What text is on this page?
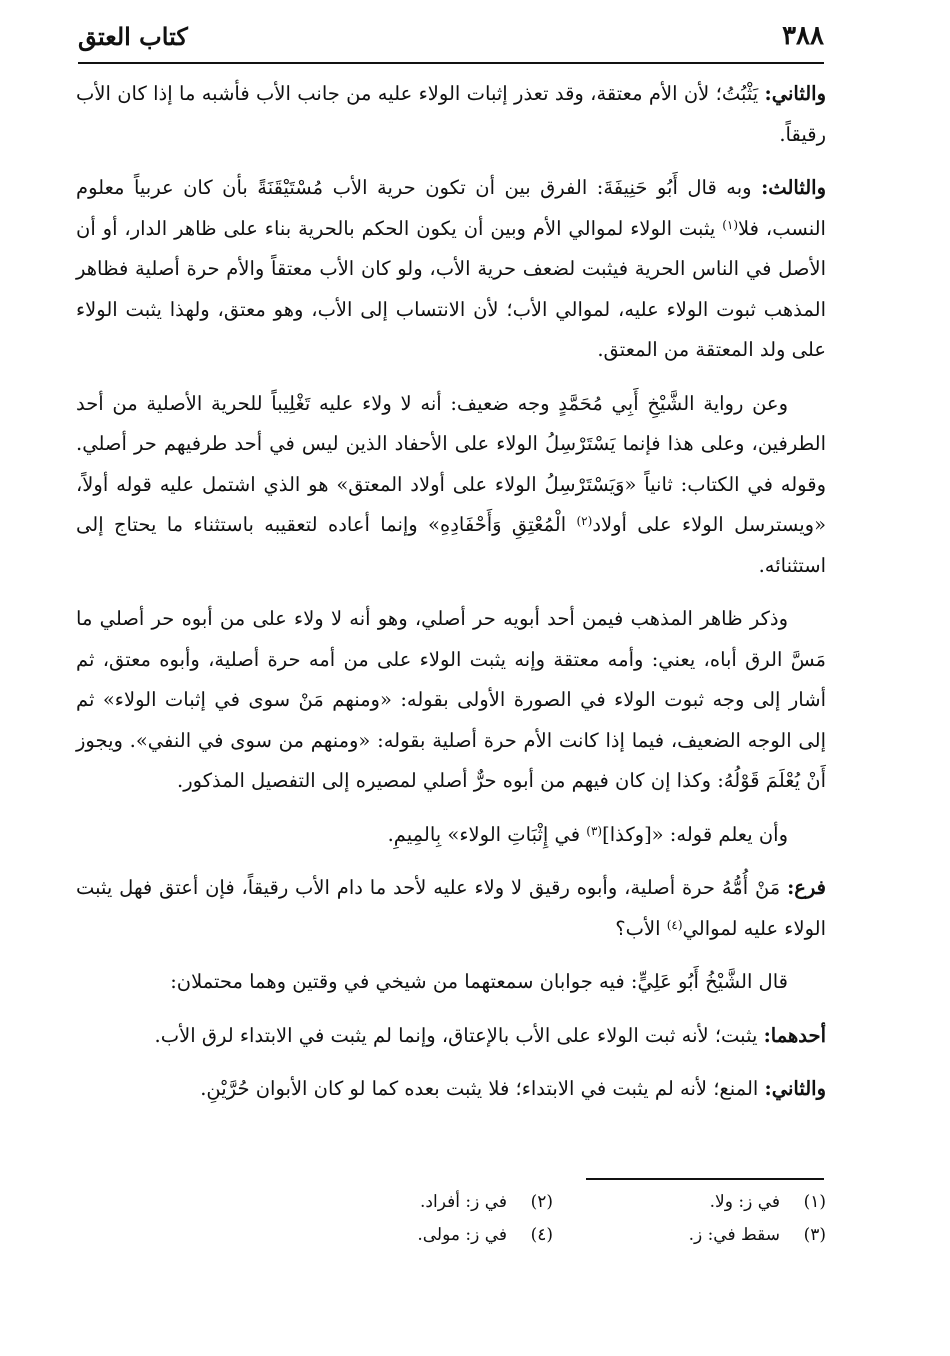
٣٨٨
كتاب العتق

والثاني: يَثْبُتُ؛ لأن الأم معتقة، وقد تعذر إثبات الولاء عليه من جانب الأب فأشبه ما إذا كان الأب رقيقاً.

والثالث: وبه قال أَبُو حَنِيفَةَ: الفرق بين أن تكون حرية الأب مُسْتَيْقَنَةً بأن كان عربياً معلوم النسب، فلا$^{(١)}$ يثبت الولاء لموالي الأم وبين أن يكون الحكم بالحرية بناء على ظاهر الدار، أو أن الأصل في الناس الحرية فيثبت لضعف حرية الأب، ولو كان الأب معتقاً والأم حرة أصلية فظاهر المذهب ثبوت الولاء عليه، لموالي الأب؛ لأن الانتساب إلى الأب، وهو معتق، ولهذا يثبت الولاء على ولد المعتقة من المعتق.

وعن رواية الشَّيْخِ أَبِي مُحَمَّدٍ وجه ضعيف: أنه لا ولاء عليه تَغْلِيباً للحرية الأصلية من أحد الطرفين، وعلى هذا فإنما يَسْتَرْسِلُ الولاء على الأحفاد الذين ليس في أحد طرفيهم حر أصلي. وقوله في الكتاب: ثانياً «وَيَسْتَرْسِلُ الولاء على أولاد المعتق» هو الذي اشتمل عليه قوله أولاً، «ويسترسل الولاء على أولاد$^{(٢)}$ الْمُعْتِقِ وَأَحْفَادِهِ» وإنما أعاده لتعقيبه باستثناء ما يحتاج إلى استثنائه.

وذكر ظاهر المذهب فيمن أحد أبويه حر أصلي، وهو أنه لا ولاء على من أبوه حر أصلي ما مَسَّ الرق أباه، يعني: وأمه معتقة وإنه يثبت الولاء على من أمه حرة أصلية، وأبوه معتق، ثم أشار إلى وجه ثبوت الولاء في الصورة الأولى بقوله: «ومنهم مَنْ سوى في إثبات الولاء» ثم إلى الوجه الضعيف، فيما إذا كانت الأم حرة أصلية بقوله: «ومنهم من سوى في النفي». ويجوز أَنْ يُعْلَمَ قَوْلُهُ: وكذا إن كان فيهم من أبوه حرٌّ أصلي لمصيره إلى التفصيل المذكور.

وأن يعلم قوله: «[وكذا]$^{(٣)}$ في إِثْبَاتِ الولاء» بِالمِيمِ.

فرع: مَنْ أُمُّهُ حرة أصلية، وأبوه رقيق لا ولاء عليه لأحد ما دام الأب رقيقاً، فإن أعتق فهل يثبت الولاء عليه لموالي$^{(٤)}$ الأب؟

قال الشَّيْخُ أَبُو عَلِيٍّ: فيه جوابان سمعتهما من شيخي في وقتين وهما محتملان:

أحدهما: يثبت؛ لأنه ثبت الولاء على الأب بالإعتاق، وإنما لم يثبت في الابتداء لرق الأب.

والثاني: المنع؛ لأنه لم يثبت في الابتداء؛ فلا يثبت بعده كما لو كان الأبوان حُرَّيْنِ.

(١)في ز: ولا.
(٢)في ز: أفراد.
(٣)سقط في: ز.
(٤)في ز: مولى.
